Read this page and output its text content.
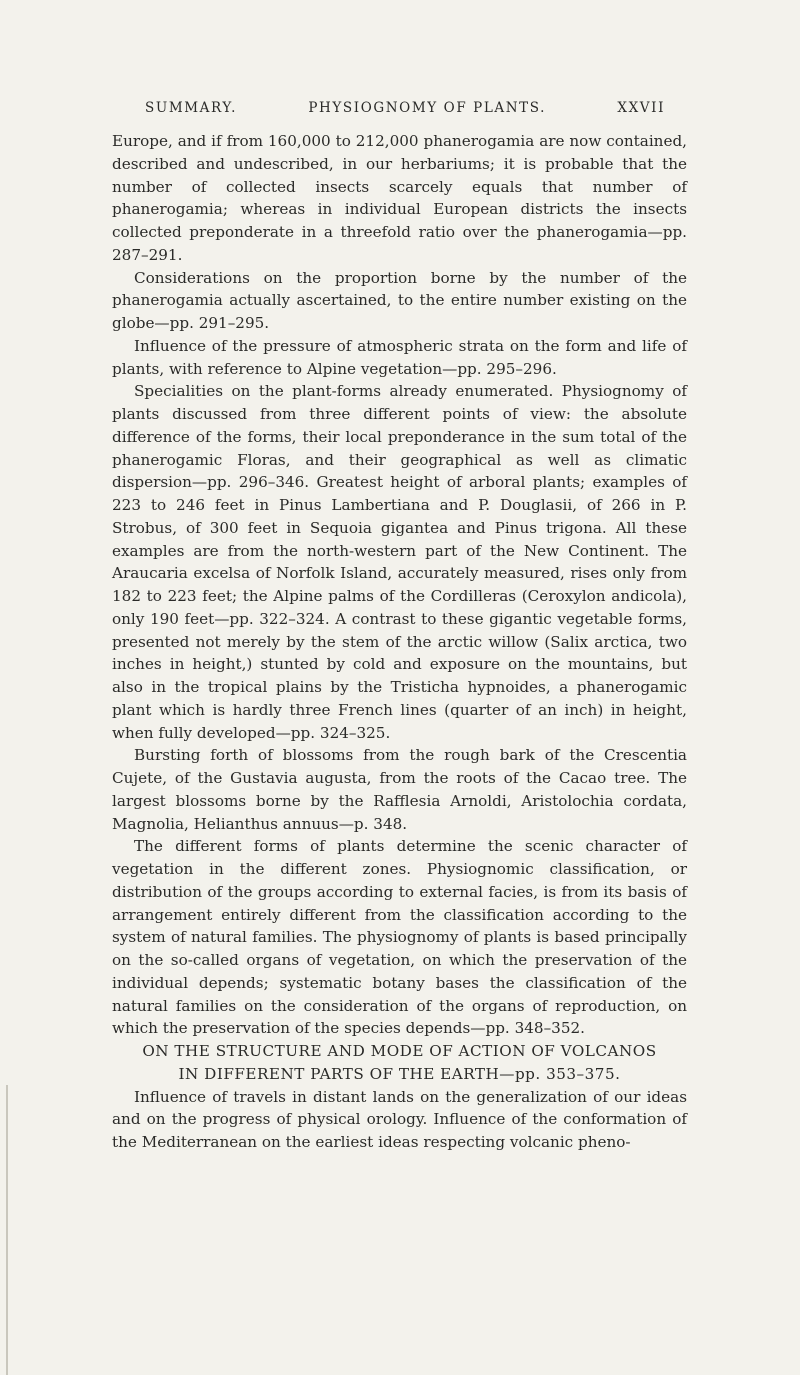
SUMMARY.	PHYSIOGNOMY OF PLANTS.	XXVII

Europe, and if from 160,000 to 212,000 phanerogamia are now contained, described and undescribed, in our herbariums; it is probable that the number of collected insects scarcely equals that number of phanerogamia; whereas in individual European districts the insects collected preponderate in a threefold ratio over the phanerogamia—pp. 287–291.

Considerations on the proportion borne by the number of the phanerogamia actually ascertained, to the entire number existing on the globe—pp. 291–295.

Influence of the pressure of atmospheric strata on the form and life of plants, with reference to Alpine vegetation—pp. 295–296.

Specialities on the plant-forms already enumerated. Physiognomy of plants discussed from three different points of view: the absolute difference of the forms, their local preponderance in the sum total of the phanerogamic Floras, and their geographical as well as climatic dispersion—pp. 296–346. Greatest height of arboral plants; examples of 223 to 246 feet in Pinus Lambertiana and P. Douglasii, of 266 in P. Strobus, of 300 feet in Sequoia gigantea and Pinus trigona. All these examples are from the north-western part of the New Continent. The Araucaria excelsa of Norfolk Island, accurately measured, rises only from 182 to 223 feet; the Alpine palms of the Cordilleras (Ceroxylon andicola), only 190 feet—pp. 322–324. A contrast to these gigantic vegetable forms, presented not merely by the stem of the arctic willow (Salix arctica, two inches in height,) stunted by cold and exposure on the mountains, but also in the tropical plains by the Tristicha hypnoides, a phanerogamic plant which is hardly three French lines (quarter of an inch) in height, when fully developed—pp. 324–325.

Bursting forth of blossoms from the rough bark of the Crescentia Cujete, of the Gustavia augusta, from the roots of the Cacao tree. The largest blossoms borne by the Rafflesia Arnoldi, Aristolochia cordata, Magnolia, Helianthus annuus—p. 348.

The different forms of plants determine the scenic character of vegetation in the different zones. Physiognomic classification, or distribution of the groups according to external facies, is from its basis of arrangement entirely different from the classification according to the system of natural families. The physiognomy of plants is based principally on the so-called organs of vegetation, on which the preservation of the individual depends; systematic botany bases the classification of the natural families on the consideration of the organs of reproduction, on which the preservation of the species depends—pp. 348–352.

ON THE STRUCTURE AND MODE OF ACTION OF VOLCANOS
IN DIFFERENT PARTS OF THE EARTH—pp. 353–375.

Influence of travels in distant lands on the generalization of our ideas and on the progress of physical orology. Influence of the conformation of the Mediterranean on the earliest ideas respecting volcanic pheno-
